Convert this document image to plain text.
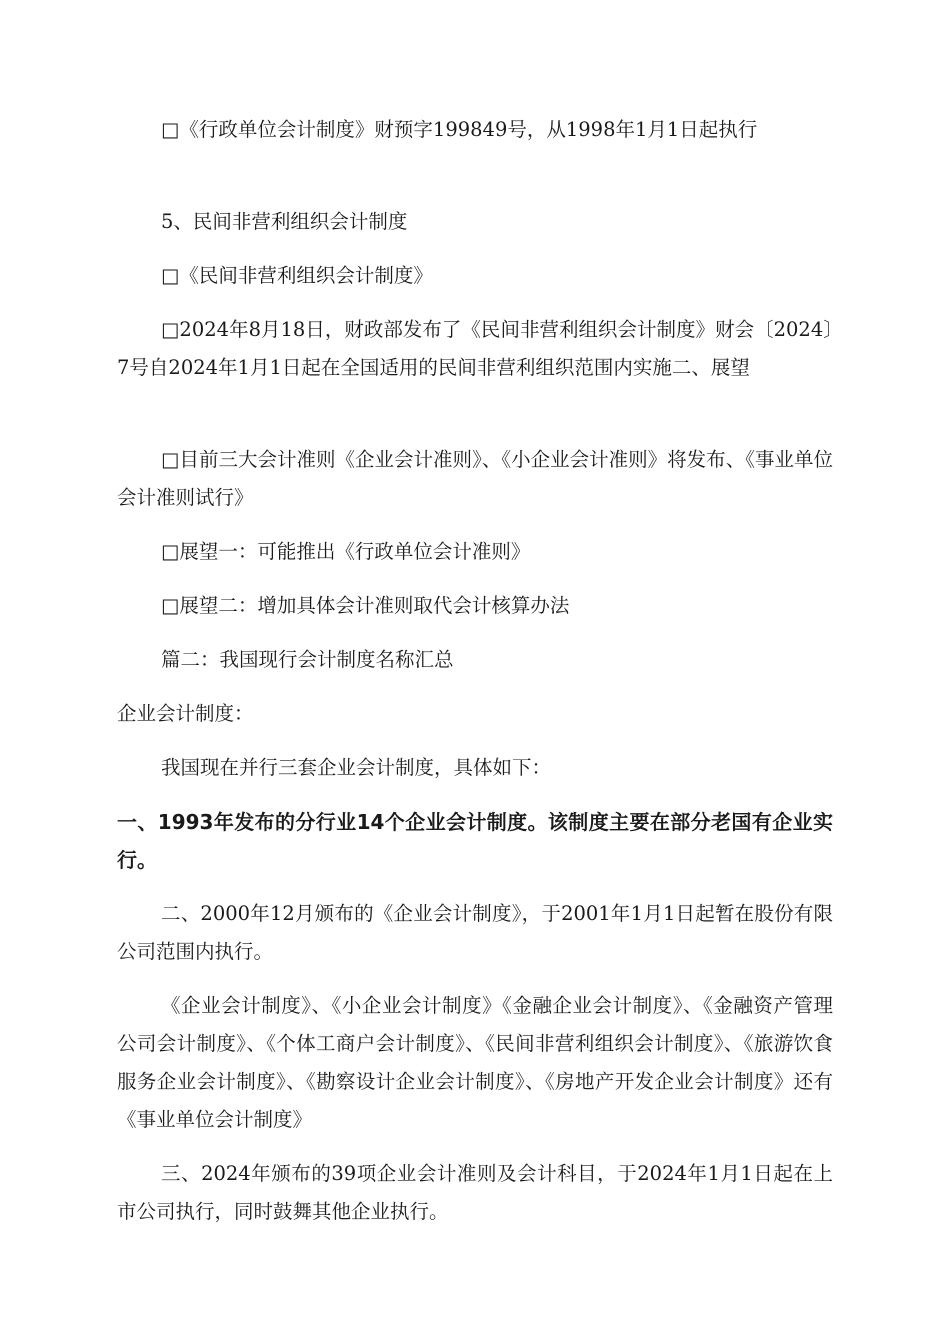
□《行政单位会计制度》财预字199849号，从1998年1月1日起执行

5、民间非营利组织会计制度

□《民间非营利组织会计制度》

□2024年8月18日，财政部发布了《民间非营利组织会计制度》财会〔2024〕7号自2024年1月1日起在全国适用的民间非营利组织范围内实施二、展望

□目前三大会计准则《企业会计准则》、《小企业会计准则》将发布、《事业单位会计准则试行》

□展望一：可能推出《行政单位会计准则》

□展望二：增加具体会计准则取代会计核算办法

篇二：我国现行会计制度名称汇总

企业会计制度：

我国现在并行三套企业会计制度，具体如下：

一、1993年发布的分行业14个企业会计制度。该制度主要在部分老国有企业实行。

二、2000年12月颁布的《企业会计制度》，于2001年1月1日起暂在股份有限公司范围内执行。

《企业会计制度》、《小企业会计制度》《金融企业会计制度》、《金融资产管理公司会计制度》、《个体工商户会计制度》、《民间非营利组织会计制度》、《旅游饮食服务企业会计制度》、《勘察设计企业会计制度》、《房地产开发企业会计制度》还有《事业单位会计制度》

三、2024年颁布的39项企业会计准则及会计科目，于2024年1月1日起在上市公司执行，同时鼓舞其他企业执行。
